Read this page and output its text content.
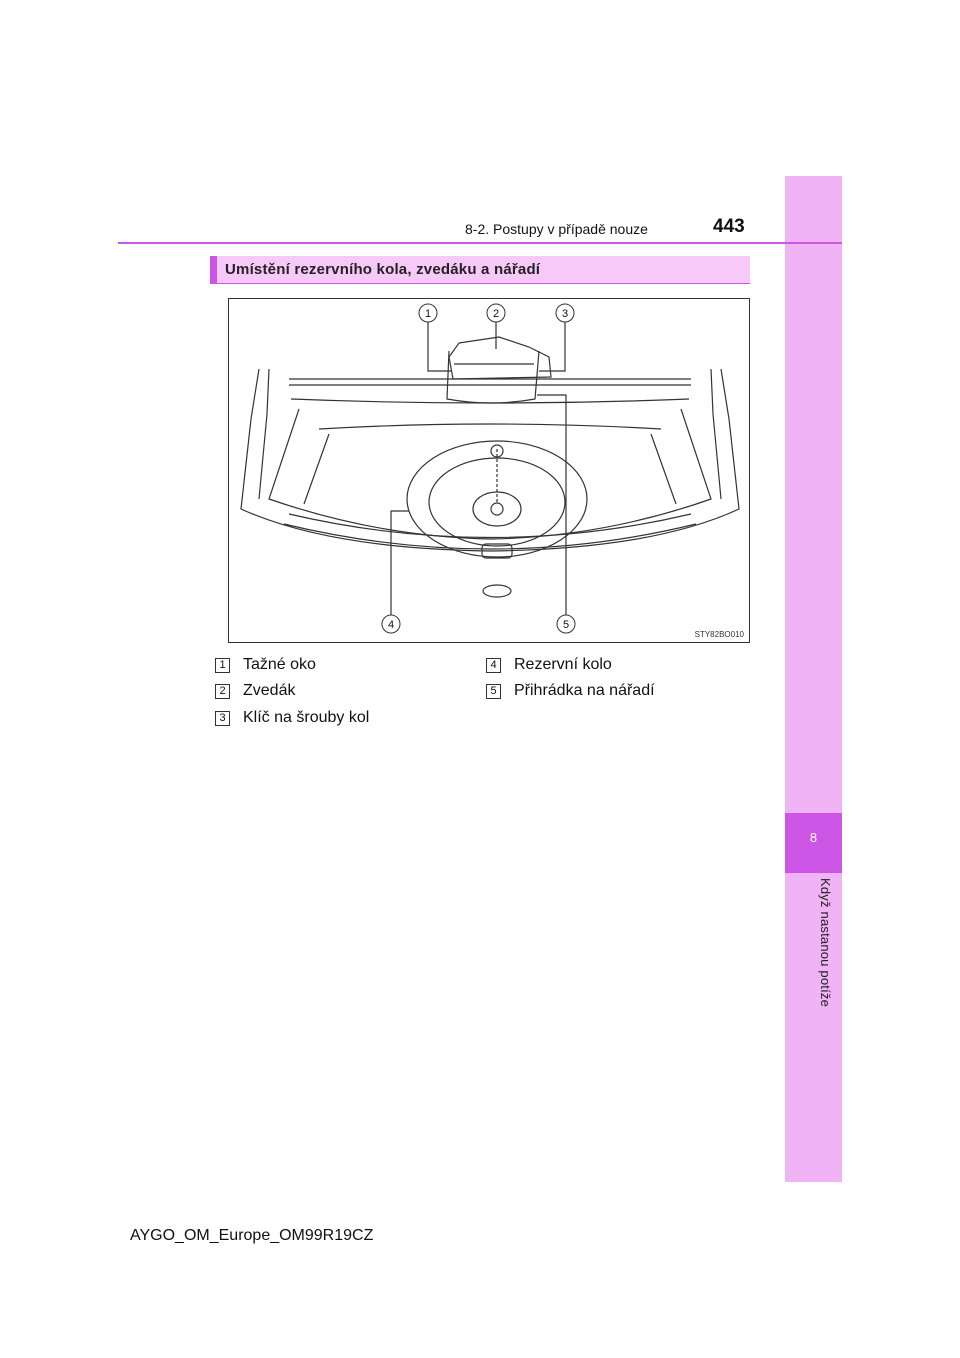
8
Když nastanou potíže
8-2. Postupy v případě nouze	443
Umístění rezervního kola, zvedáku a nářadí
1	2	3
4	5
STY82BO010
1 Tažné oko
2 Zvedák
3 Klíč na šrouby kol
4 Rezervní kolo
5 Přihrádka na nářadí
AYGO_OM_Europe_OM99R19CZ
